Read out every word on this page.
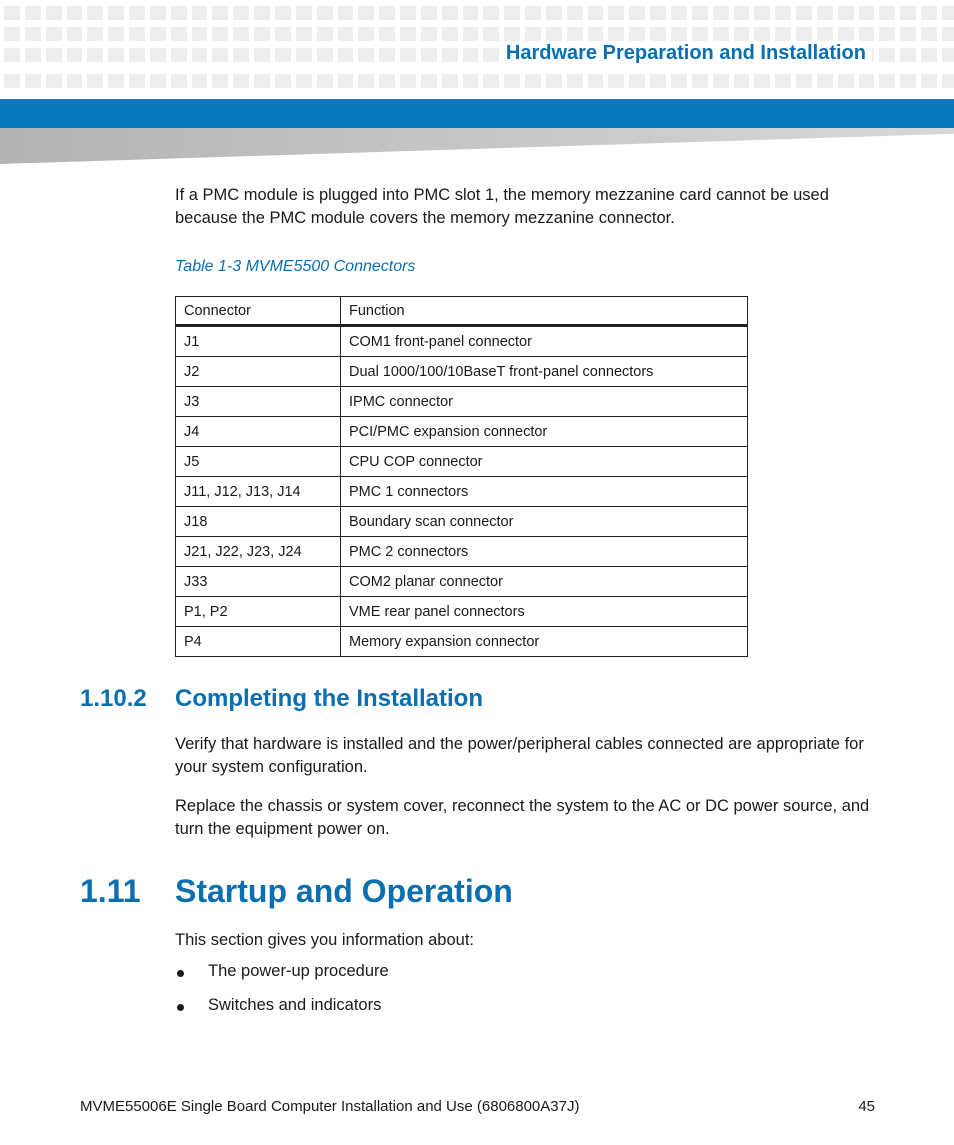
Hardware Preparation and Installation

If a PMC module is plugged into PMC slot 1, the memory mezzanine card cannot be used because the PMC module covers the memory mezzanine connector.

Table 1-3 MVME5500 Connectors
Connector	Function
J1	COM1 front-panel connector
J2	Dual 1000/100/10BaseT front-panel connectors
J3	IPMC connector
J4	PCI/PMC expansion connector
J5	CPU COP connector
J11, J12, J13, J14	PMC 1 connectors
J18	Boundary scan connector
J21, J22, J23, J24	PMC 2 connectors
J33	COM2 planar connector
P1, P2	VME rear panel connectors
P4	Memory expansion connector
1.10.2 Completing the Installation

Verify that hardware is installed and the power/peripheral cables connected are appropriate for your system configuration.

Replace the chassis or system cover, reconnect the system to the AC or DC power source, and turn the equipment power on.

1.11 Startup and Operation

This section gives you information about:

The power-up procedure
Switches and indicators
MVME55006E Single Board Computer Installation and Use (6806800A37J)	45
